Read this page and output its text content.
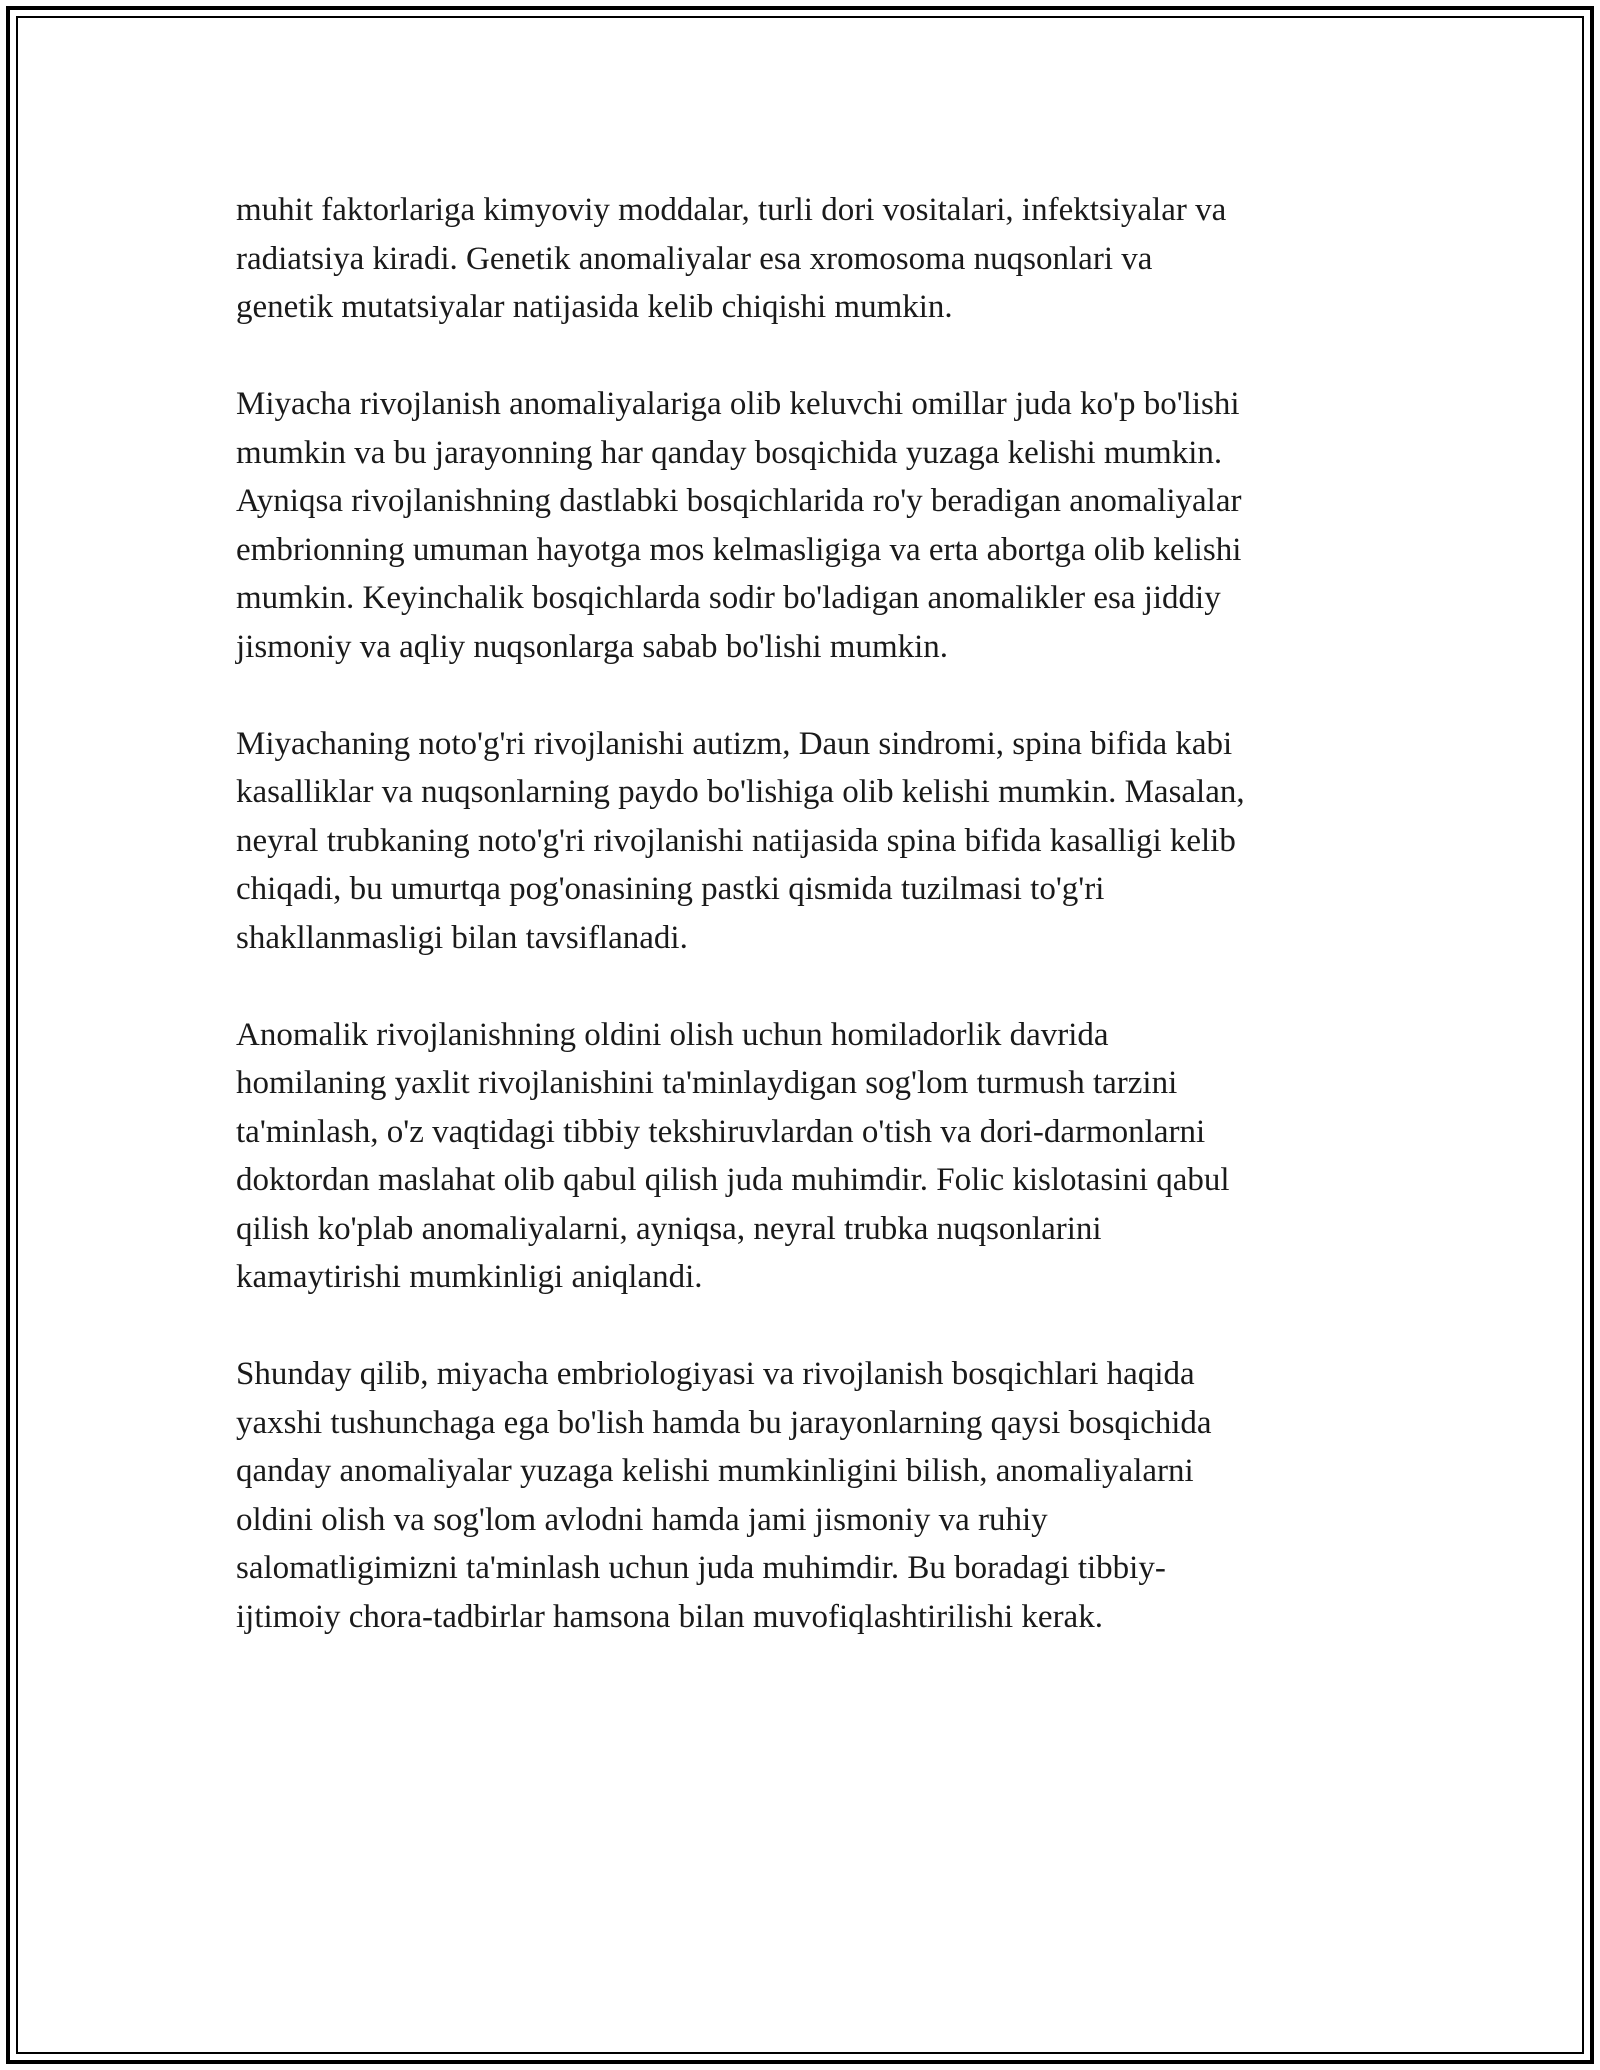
muhit faktorlariga kimyoviy moddalar, turli dori vositalari, infektsiyalar va
radiatsiya kiradi. Genetik anomaliyalar esa xromosoma nuqsonlari va
genetik mutatsiyalar natijasida kelib chiqishi mumkin.

Miyacha rivojlanish anomaliyalariga olib keluvchi omillar juda ko'p bo'lishi
mumkin va bu jarayonning har qanday bosqichida yuzaga kelishi mumkin.
Ayniqsa rivojlanishning dastlabki bosqichlarida ro'y beradigan anomaliyalar
embrionning umuman hayotga mos kelmasligiga va erta abortga olib kelishi
mumkin. Keyinchalik bosqichlarda sodir bo'ladigan anomalikler esa jiddiy
jismoniy va aqliy nuqsonlarga sabab bo'lishi mumkin.

Miyachaning noto'g'ri rivojlanishi autizm, Daun sindromi, spina bifida kabi
kasalliklar va nuqsonlarning paydo bo'lishiga olib kelishi mumkin. Masalan,
neyral trubkaning noto'g'ri rivojlanishi natijasida spina bifida kasalligi kelib
chiqadi, bu umurtqa pog'onasining pastki qismida tuzilmasi to'g'ri
shakllanmasligi bilan tavsiflanadi.

Anomalik rivojlanishning oldini olish uchun homiladorlik davrida
homilaning yaxlit rivojlanishini ta'minlaydigan sog'lom turmush tarzini
ta'minlash, o'z vaqtidagi tibbiy tekshiruvlardan o'tish va dori-darmonlarni
doktordan maslahat olib qabul qilish juda muhimdir. Folic kislotasini qabul
qilish ko'plab anomaliyalarni, ayniqsa, neyral trubka nuqsonlarini
kamaytirishi mumkinligi aniqlandi.

Shunday qilib, miyacha embriologiyasi va rivojlanish bosqichlari haqida
yaxshi tushunchaga ega bo'lish hamda bu jarayonlarning qaysi bosqichida
qanday anomaliyalar yuzaga kelishi mumkinligini bilish, anomaliyalarni
oldini olish va sog'lom avlodni hamda jami jismoniy va ruhiy
salomatligimizni ta'minlash uchun juda muhimdir. Bu boradagi tibbiy-
ijtimoiy chora-tadbirlar hamsona bilan muvofiqlashtirilishi kerak.
